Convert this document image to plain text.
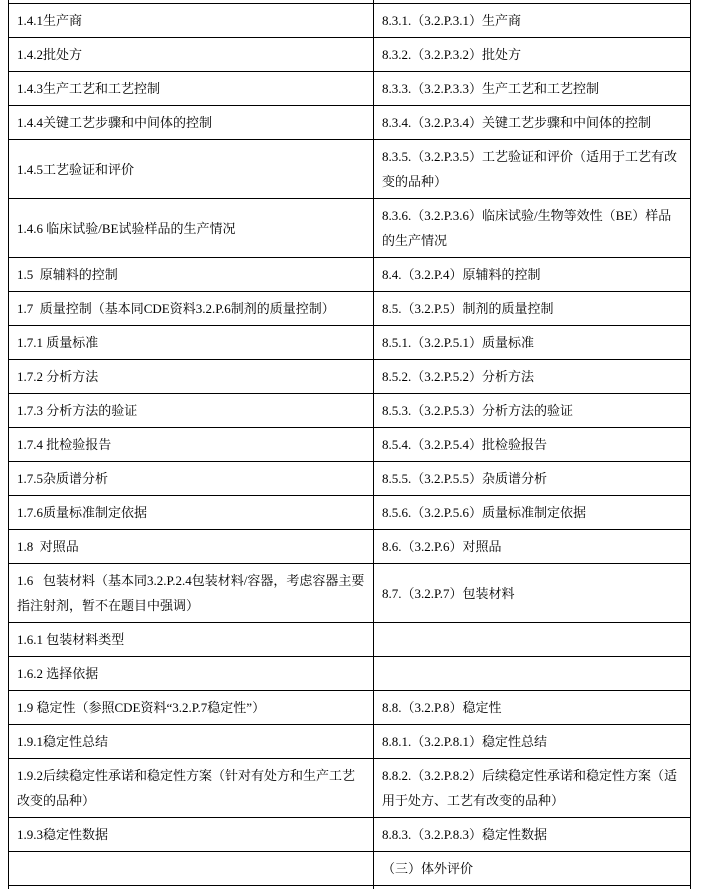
1.4.1生产商	8.3.1.（3.2.P.3.1）生产商
1.4.2批处方	8.3.2.（3.2.P.3.2）批处方
1.4.3生产工艺和工艺控制	8.3.3.（3.2.P.3.3）生产工艺和工艺控制
1.4.4关键工艺步骤和中间体的控制	8.3.4.（3.2.P.3.4）关键工艺步骤和中间体的控制
1.4.5工艺验证和评价	8.3.5.（3.2.P.3.5）工艺验证和评价（适用于工艺有改变的品种）
1.4.6 临床试验/BE试验样品的生产情况	8.3.6.（3.2.P.3.6）临床试验/生物等效性（BE）样品的生产情况
1.5  原辅料的控制	8.4.（3.2.P.4）原辅料的控制
1.7  质量控制（基本同CDE资料3.2.P.6制剂的质量控制）	8.5.（3.2.P.5）制剂的质量控制
1.7.1 质量标准	8.5.1.（3.2.P.5.1）质量标准
1.7.2 分析方法	8.5.2.（3.2.P.5.2）分析方法
1.7.3 分析方法的验证	8.5.3.（3.2.P.5.3）分析方法的验证
1.7.4 批检验报告	8.5.4.（3.2.P.5.4）批检验报告
1.7.5杂质谱分析	8.5.5.（3.2.P.5.5）杂质谱分析
1.7.6质量标准制定依据	8.5.6.（3.2.P.5.6）质量标准制定依据
1.8  对照品	8.6.（3.2.P.6）对照品
1.6   包装材料（基本同3.2.P.2.4包装材料/容器，考虑容器主要指注射剂，暂不在题目中强调）	8.7.（3.2.P.7）包装材料
1.6.1 包装材料类型	
1.6.2 选择依据	
1.9 稳定性（参照CDE资料“3.2.P.7稳定性”）	8.8.（3.2.P.8）稳定性
1.9.1稳定性总结	8.8.1.（3.2.P.8.1）稳定性总结
1.9.2后续稳定性承诺和稳定性方案（针对有处方和生产工艺改变的品种）	8.8.2.（3.2.P.8.2）后续稳定性承诺和稳定性方案（适用于处方、工艺有改变的品种）
1.9.3稳定性数据	8.8.3.（3.2.P.8.3）稳定性数据
	（三）体外评价
